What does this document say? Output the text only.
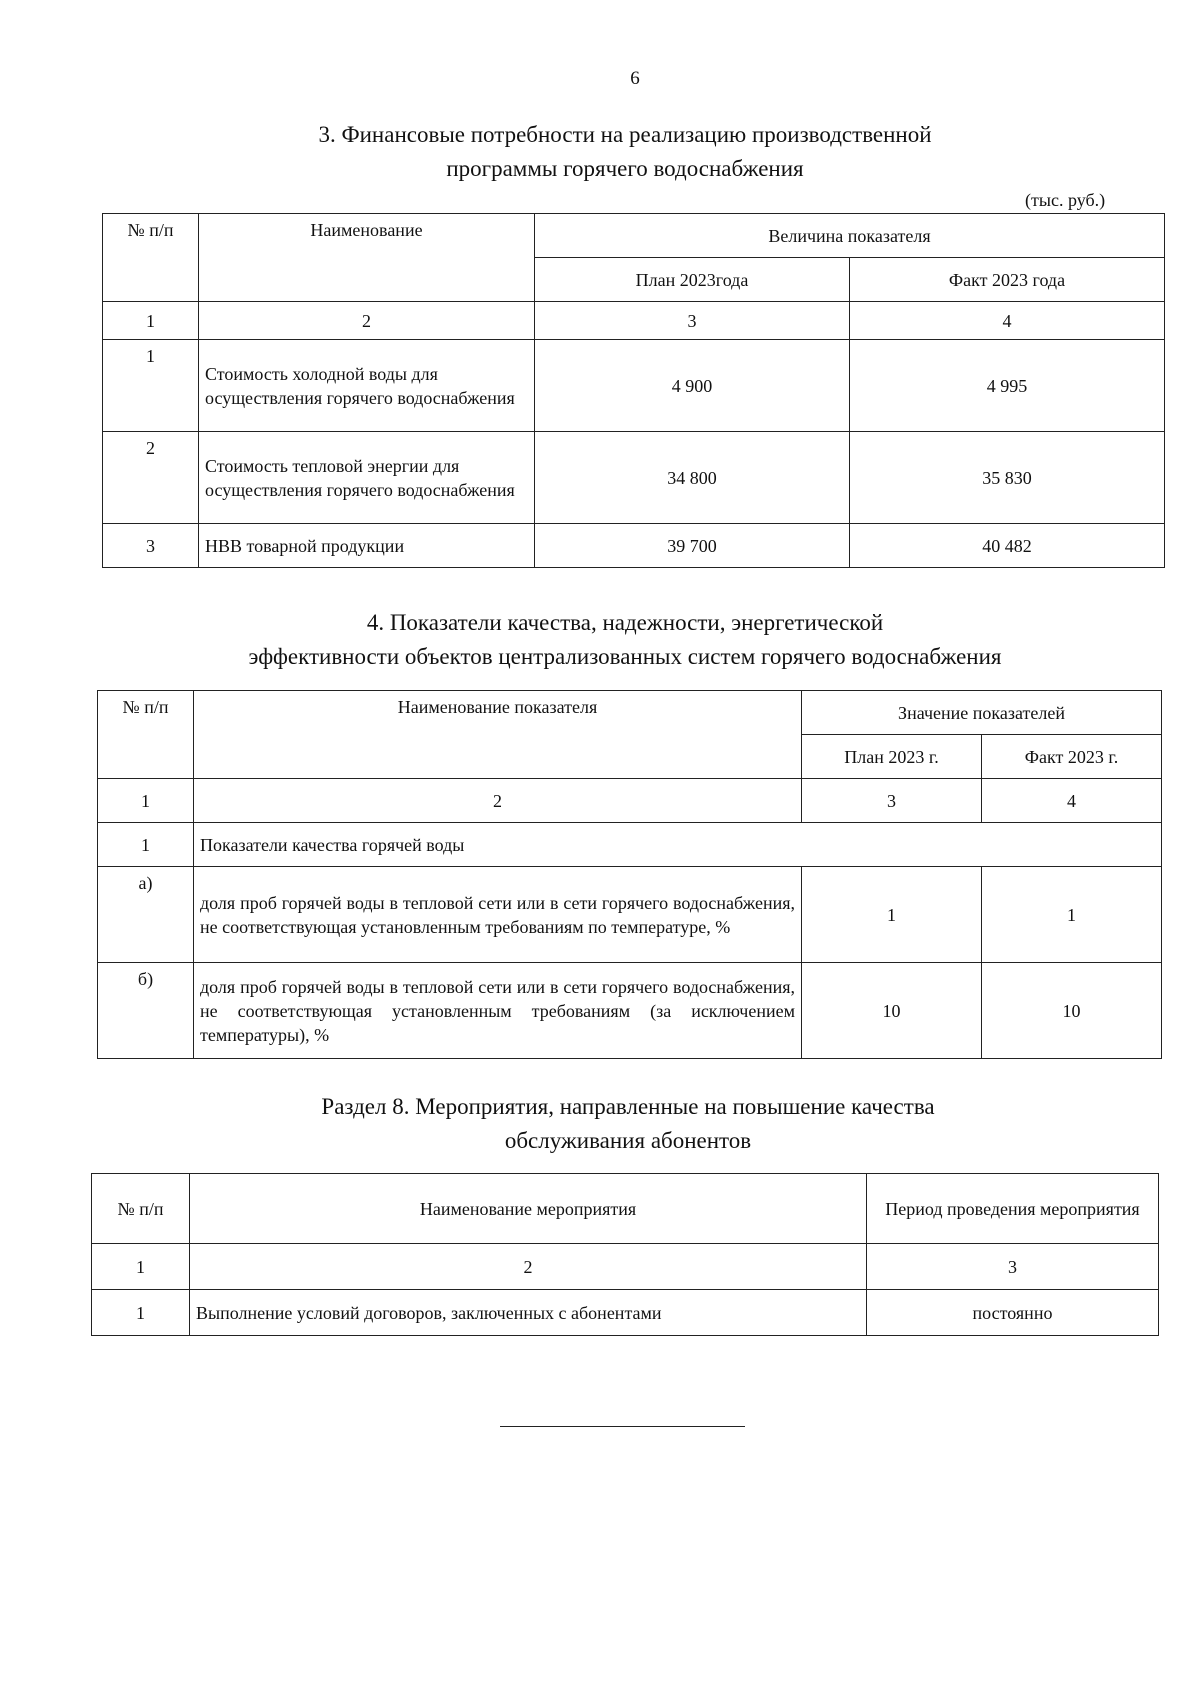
6
3. Финансовые потребности на реализацию производственной
программы горячего водоснабжения
(тыс. руб.)
№ п/п	Наименование	Величина показателя	
		План 2023года	Факт 2023 года
1	2	3	4
1	Стоимость холодной воды для осуществления горячего водоснабжения	4 900	4 995
2	Стоимость тепловой энергии для осуществления горячего водоснабжения	34 800	35 830
3	НВВ товарной продукции	39 700	40 482
4. Показатели качества, надежности, энергетической
эффективности объектов централизованных систем горячего водоснабжения
№ п/п	Наименование показателя	Значение показателей	
		План 2023 г.	Факт 2023 г.
1	2	3	4
1	Показатели качества горячей воды		
а)	доля проб горячей воды в тепловой сети или в сети горячего водоснабжения, не соответствующая установленным требованиям по температуре, %	1	1
б)	доля проб горячей воды в тепловой сети или в сети горячего водоснабжения, не соответствующая установленным требованиям (за исключением температуры), %	10	10
Раздел 8. Мероприятия, направленные на повышение качества
обслуживания абонентов
№ п/п	Наименование мероприятия	Период проведения мероприятия
1	2	3
1	Выполнение условий договоров, заключенных с абонентами	постоянно
